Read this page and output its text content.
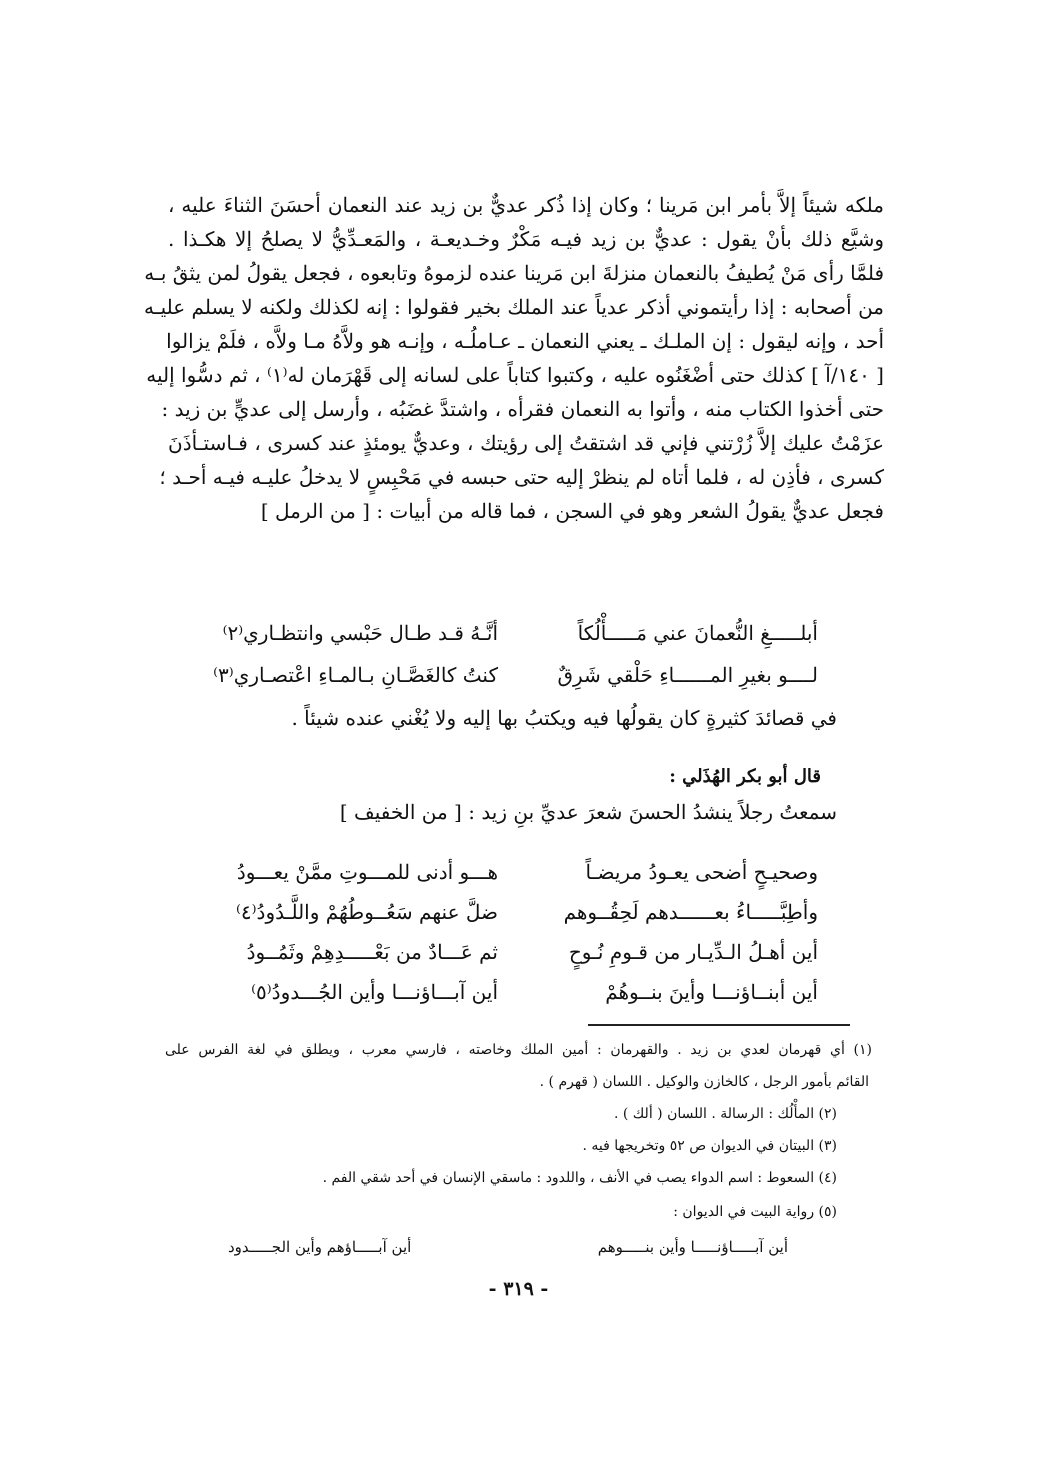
ملكه شيئاً إلاَّ بأمر ابن مَرينا ؛ وكان إذا ذُكر عديٌّ بن زيد عند النعمان أحسَنَ الثناءَ عليه ،
وشيَّع ذلك بأنْ يقول : عديٌّ بن زيد فيـه مَكْرٌ وخـديعـة ، والمَعـدِّيُّ لا يصلحُ إلا هكـذا .
فلمَّا رأى مَنْ يُطيفُ بالنعمان منزلةَ ابن مَرينا عنده لزموهُ وتابعوه ، فجعل يقولُ لمن يثقُ بـه
من أصحابه : إذا رأيتموني أذكر عدياً عند الملك بخير فقولوا : إنه لكذلك ولكنه لا يسلم عليـه
أحد ، وإنه ليقول : إن الملـك ـ يعني النعمان ـ عـاملُـه ، وإنـه هو ولاَّهُ مـا ولاَّه ، فلَمْ يزالوا
[ ١٤٠/آ ] كذلك حتى أضْغَنُوه عليه ، وكتبوا كتاباً على لسانه إلى قَهْرَمان له⁽١⁾ ، ثم دسُّوا إليه
حتى أخذوا الكتاب منه ، وأتوا به النعمان فقرأه ، واشتدَّ غضَبُه ، وأرسل إلى عديٍّ بن زيد :
عزَمْتُ عليك إلاَّ زُرْتني فإني قد اشتقتُ إلى رؤيتك ، وعديٌّ يومئذٍ عند كسرى ، فـاستـأذَنَ
كسرى ، فأذِن له ، فلما أتاه لم ينظرْ إليه حتى حبسه في مَحْبِسٍ لا يدخلُ عليـه فيـه أحـد ؛
فجعل عديٌّ يقولُ الشعر وهو في السجن ، فما قاله من أبيات : [ من الرمل ]
أبلـــــغِ النُّعمانَ عني مَـــــأْلُكاً
أنَّـهُ قـد طـال حَبْسي وانتظـاري⁽٢⁾
لــــو بغيرِ المــــــاءِ حَلْقي شَرِقٌ
كنتُ كالغَصَّـانِ بـالمـاءِ اعْتصـاري⁽٣⁾
في قصائدَ كثيرةٍ كان يقولُها فيه ويكتبُ بها إليه ولا يُغْني عنده شيئاً .
قال أبو بكر الهُذَلي :
سمعتُ رجلاً ينشدُ الحسنَ شعرَ عديِّ بنِ زيد : [ من الخفيف ]
وصحيـحٍ أضحى يعـودُ مريضـاً
هـــو أدنى للمـــوتِ ممَّنْ يعـــودُ
وأطِبَّـــــاءُ بعــــــدهم لَحِقُــوهم
ضلَّ عنهم سَعُــوطُهُمْ واللَّـدُودُ⁽٤⁾
أين أهـلُ الـدِّيـار من قـومِ نُـوحٍ
ثم عَـــادٌ من بَعْـــــدِهِمْ وثَمُــودُ
أين أبنــاؤنـــا وأينَ بنــوهُمْ
أين آبـــاؤنـــا وأين الجُـــدودُ⁽٥⁾
(١) أي قهرمان لعدي بن زيد . والقهرمان : أمين الملك وخاصته ، فارسي معرب ، ويطلق في لغة الفرس على
القائم بأمور الرجل ، كالخازن والوكيل . اللسان ( قهرم ) .
(٢) المأْلُك : الرسالة . اللسان ( ألك ) .
(٣) البيتان في الديوان ص ٥٢ وتخريجها فيه .
(٤) السعوط : اسم الدواء يصب في الأنف ، واللدود : ماسقي الإنسان في أحد شقي الفم .
(٥) رواية البيت في الديوان :
أين آبـــــاؤنـــــا وأين بنـــــوهم
أين آبـــــاؤهم وأين الجـــــدود
- ٣١٩ -
